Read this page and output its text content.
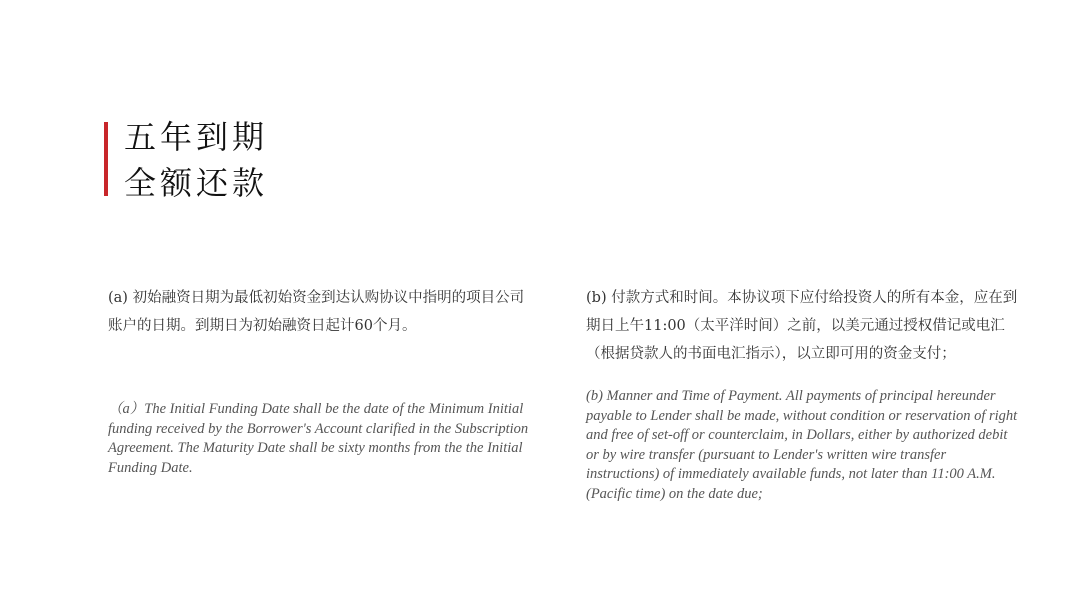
五年到期
全额还款

(a) 初始融资日期为最低初始资金到达认购协议中指明的项目公司账户的日期。到期日为初始融资日起计60个月。

（a）The Initial Funding Date shall be the date of the Minimum Initial funding received by the Borrower's Account clarified in the Subscription Agreement. The Maturity Date shall be sixty months from the the Initial Funding Date.

(b) 付款方式和时间。本协议项下应付给投资人的所有本金，应在到期日上午11:00（太平洋时间）之前，以美元通过授权借记或电汇（根据贷款人的书面电汇指示），以立即可用的资金支付；

(b) Manner and Time of Payment. All payments of principal hereunder payable to Lender shall be made, without condition or reservation of right and free of set-off or counterclaim, in Dollars, either by authorized debit or by wire transfer (pursuant to Lender's written wire transfer instructions) of immediately available funds, not later than 11:00 A.M. (Pacific time) on the date due;
